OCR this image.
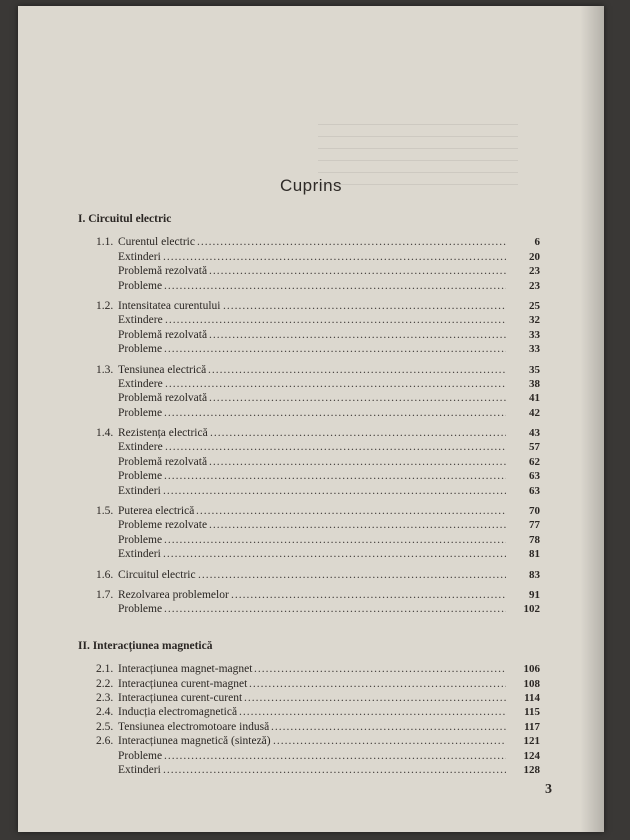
Cuprins
I. Circuitul electric
1.1. Curentul electric .....	6
Extinderi .....	20
Problemă rezolvată .....	23
Probleme .....	23
1.2. Intensitatea curentului .....	25
Extindere .....	32
Problemă rezolvată .....	33
Probleme .....	33
1.3. Tensiunea electrică .....	35
Extindere .....	38
Problemă rezolvată .....	41
Probleme .....	42
1.4. Rezistența electrică .....	43
Extindere .....	57
Problemă rezolvată .....	62
Probleme .....	63
Extinderi .....	63
1.5. Puterea electrică .....	70
Probleme rezolvate .....	77
Probleme .....	78
Extinderi .....	81
1.6. Circuitul electric .....	83
1.7. Rezolvarea problemelor .....	91
Probleme .....	102
II. Interacțiunea magnetică
2.1. Interacțiunea magnet-magnet .....	106
2.2. Interacțiunea curent-magnet .....	108
2.3. Interacțiunea curent-curent .....	114
2.4. Inducția electromagnetică .....	115
2.5. Tensiunea electromotoare indusă .....	117
2.6. Interacțiunea magnetică (sinteză) .....	121
Probleme .....	124
Extinderi .....	128
3
